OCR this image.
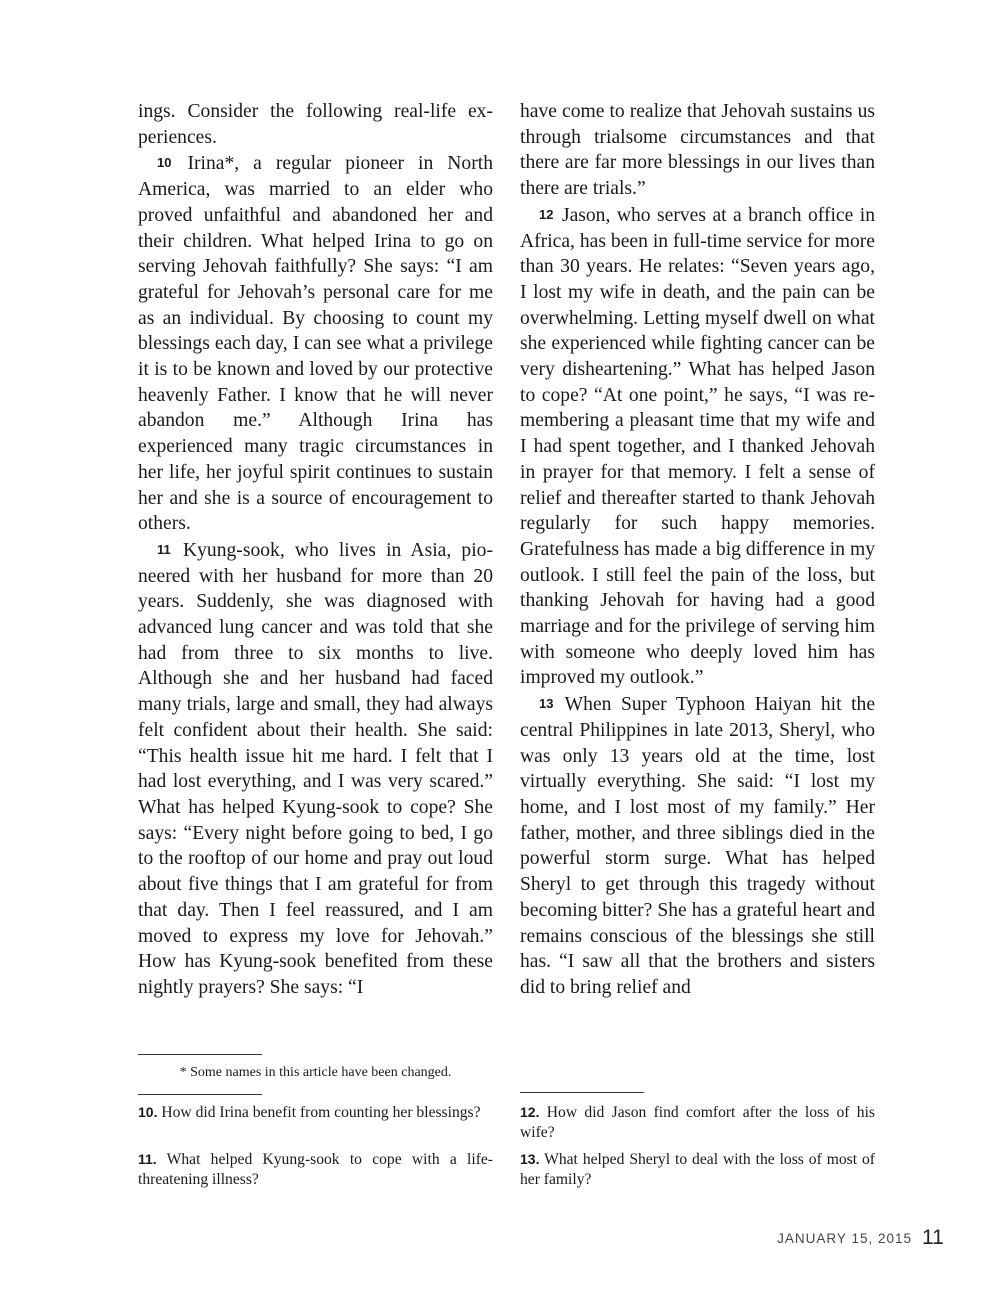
ings. Consider the following real-life experiences.

10 Irina*, a regular pioneer in North America, was married to an elder who proved unfaithful and abandoned her and their children. What helped Irina to go on serving Jehovah faithfully? She says: “I am grateful for Jehovah’s personal care for me as an individual. By choosing to count my blessings each day, I can see what a privilege it is to be known and loved by our protective heavenly Father. I know that he will never abandon me.” Although Irina has experienced many tragic circumstances in her life, her joyful spirit continues to sustain her and she is a source of encouragement to others.

11 Kyung-sook, who lives in Asia, pioneered with her husband for more than 20 years. Suddenly, she was diagnosed with advanced lung cancer and was told that she had from three to six months to live. Although she and her husband had faced many trials, large and small, they had always felt confident about their health. She said: “This health issue hit me hard. I felt that I had lost everything, and I was very scared.” What has helped Kyung-sook to cope? She says: “Every night before going to bed, I go to the rooftop of our home and pray out loud about five things that I am grateful for from that day. Then I feel reassured, and I am moved to express my love for Jehovah.” How has Kyung-sook benefited from these nightly prayers? She says: “I

have come to realize that Jehovah sustains us through trialsome circumstances and that there are far more blessings in our lives than there are trials.”

12 Jason, who serves at a branch office in Africa, has been in full-time service for more than 30 years. He relates: “Seven years ago, I lost my wife in death, and the pain can be overwhelming. Letting myself dwell on what she experienced while fighting cancer can be very disheartening.” What has helped Jason to cope? “At one point,” he says, “I was remembering a pleasant time that my wife and I had spent together, and I thanked Jehovah in prayer for that memory. I felt a sense of relief and thereafter started to thank Jehovah regularly for such happy memories. Gratefulness has made a big difference in my outlook. I still feel the pain of the loss, but thanking Jehovah for having had a good marriage and for the privilege of serving him with someone who deeply loved him has improved my outlook.”

13 When Super Typhoon Haiyan hit the central Philippines in late 2013, Sheryl, who was only 13 years old at the time, lost virtually everything. She said: “I lost my home, and I lost most of my family.” Her father, mother, and three siblings died in the powerful storm surge. What has helped Sheryl to get through this tragedy without becoming bitter? She has a grateful heart and remains conscious of the blessings she still has. “I saw all that the brothers and sisters did to bring relief and

* Some names in this article have been changed.
10. How did Irina benefit from counting her blessings?
11. What helped Kyung-sook to cope with a life-threatening illness?
12. How did Jason find comfort after the loss of his wife?
13. What helped Sheryl to deal with the loss of most of her family?
JANUARY 15, 2015 11
